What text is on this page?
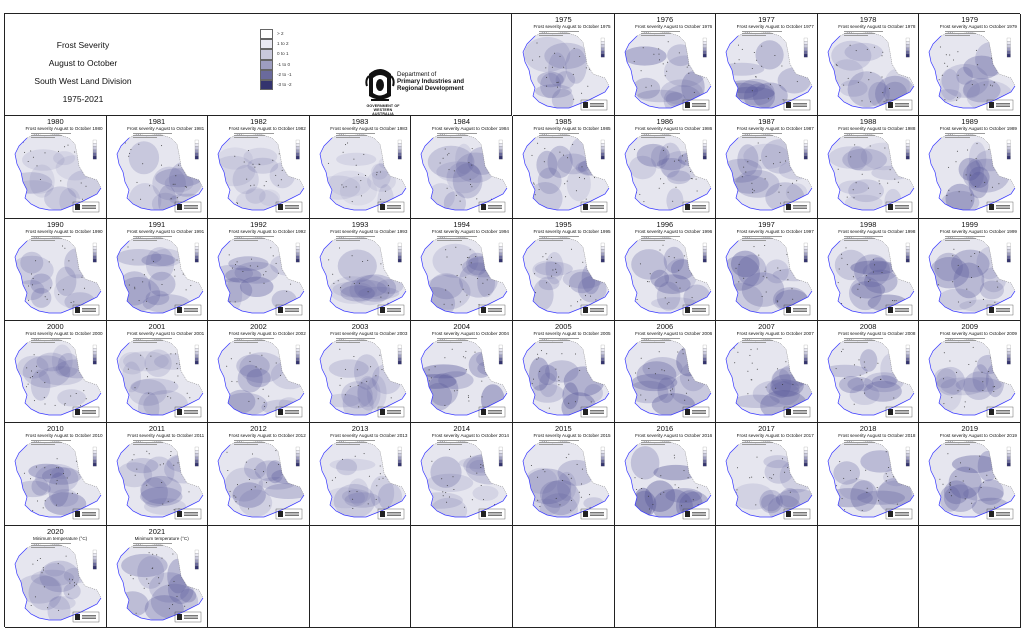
Frost Severity
August to October
South West Land Division
1975-2021
> 2
1 to 2
0 to 1
-1 to 0
-2 to -1
-3 to -2
Department of
Primary Industries and
Regional Development
GOVERNMENT OF
WESTERN AUSTRALIA
1975
Frost severity August to October 1975
1976
Frost severity August to October 1976
1977
Frost severity August to October 1977
1978
Frost severity August to October 1978
1979
Frost severity August to October 1979
1980
Frost severity August to October 1980
1981
Frost severity August to October 1981
1982
Frost severity August to October 1982
1983
Frost severity August to October 1983
1984
Frost severity August to October 1984
1985
Frost severity August to October 1985
1986
Frost severity August to October 1986
1987
Frost severity August to October 1987
1988
Frost severity August to October 1988
1989
Frost severity August to October 1989
1990
Frost severity August to October 1990
1991
Frost severity August to October 1991
1992
Frost severity August to October 1992
1993
Frost severity August to October 1993
1994
Frost severity August to October 1994
1995
Frost severity August to October 1995
1996
Frost severity August to October 1996
1997
Frost severity August to October 1997
1998
Frost severity August to October 1998
1999
Frost severity August to October 1999
2000
Frost severity August to October 2000
2001
Frost severity August to October 2001
2002
Frost severity August to October 2002
2003
Frost severity August to October 2003
2004
Frost severity August to October 2004
2005
Frost severity August to October 2005
2006
Frost severity August to October 2006
2007
Frost severity August to October 2007
2008
Frost severity August to October 2008
2009
Frost severity August to October 2009
2010
Frost severity August to October 2010
2011
Frost severity August to October 2011
2012
Frost severity August to October 2012
2013
Frost severity August to October 2013
2014
Frost severity August to October 2014
2015
Frost severity August to October 2015
2016
Frost severity August to October 2016
2017
Frost severity August to October 2017
2018
Frost severity August to October 2018
2019
Frost severity August to October 2019
2020
Minimum temperature (°C)
2021
Minimum temperature (°C)
